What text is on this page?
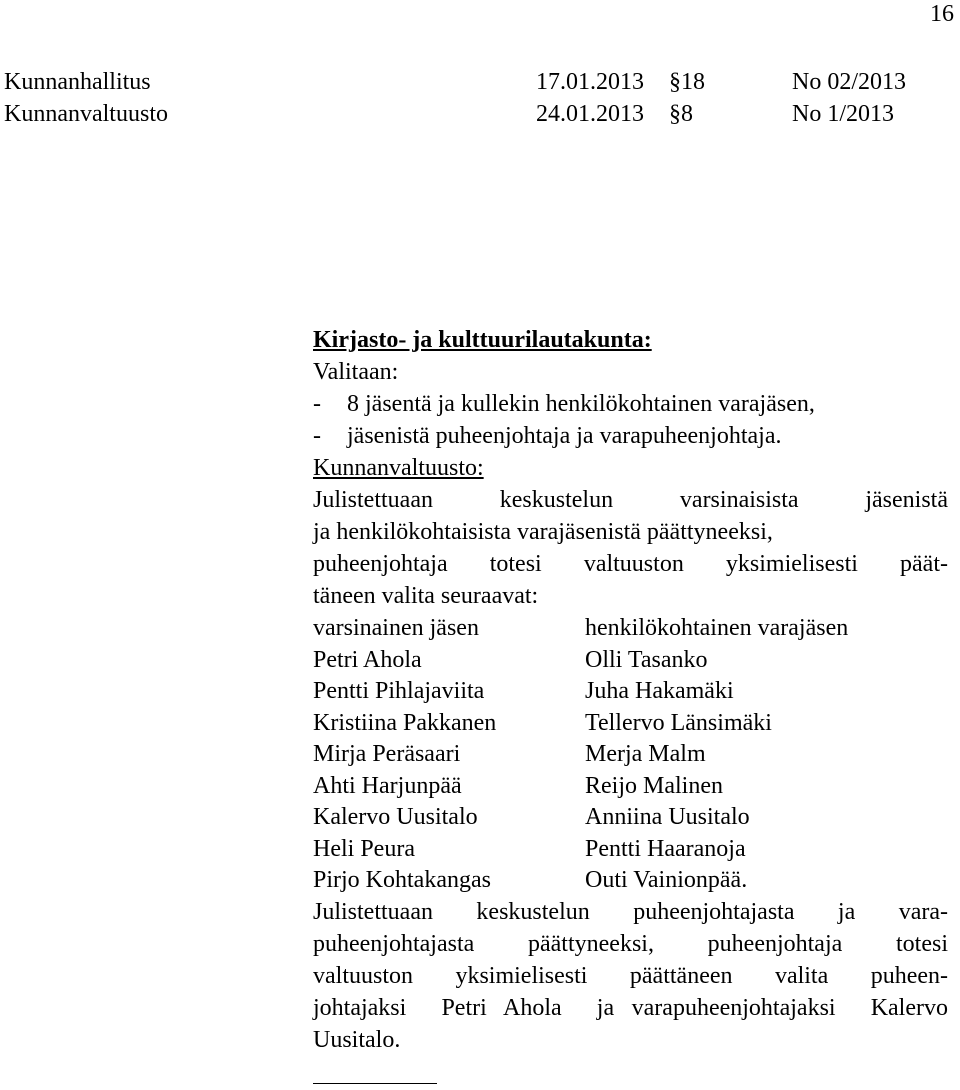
16
Kunnanhallitus	17.01.2013 §18	No 02/2013
Kunnanvaltuusto	24.01.2013 §8	No 1/2013
Kirjasto- ja kulttuurilautakunta:
Valitaan:
- 8 jäsentä ja kullekin henkilökohtainen varajäsen,
- jäsenistä puheenjohtaja ja varapuheenjohtaja.
Kunnanvaltuusto:
Julistettuaan keskustelun varsinaisista jäsenistä
ja henkilökohtaisista varajäsenistä päättyneeksi,
puheenjohtaja totesi valtuuston yksimielisesti päät-
täneen valita seuraavat:
varsinainen jäsen	henkilökohtainen varajäsen
Petri Ahola	Olli Tasanko
Pentti Pihlajaviita	Juha Hakamäki
Kristiina Pakkanen	Tellervo Länsimäki
Mirja Peräsaari	Merja Malm
Ahti Harjunpää	Reijo Malinen
Kalervo Uusitalo	Anniina Uusitalo
Heli Peura	Pentti Haaranoja
Pirjo Kohtakangas	Outi Vainionpää.
Julistettuaan keskustelun puheenjohtajasta ja vara-
puheenjohtajasta päättyneeksi, puheenjohtaja totesi
valtuuston yksimielisesti päättäneen valita puheen-
johtajaksi  Petri Ahola  ja varapuheenjohtajaksi  Kalervo
Uusitalo.
